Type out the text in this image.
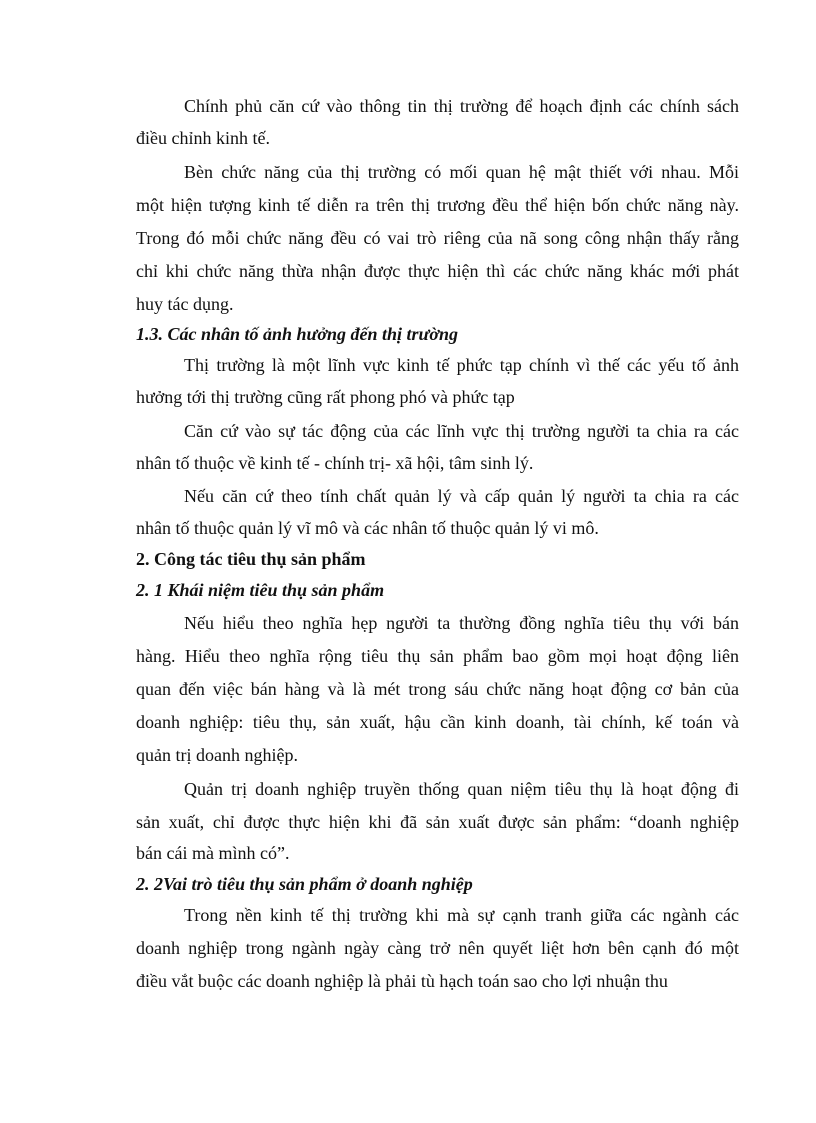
Chính phủ căn cứ vào thông tin thị trường để hoạch định các chính sách
điều chỉnh kinh tế.
Bèn chức năng của thị trường có mối quan hệ mật thiết với nhau. Mỗi
một hiện tượng kinh tế diễn ra trên thị trương đều thể hiện bốn chức năng này.
Trong đó mỗi chức năng đều có vai trò riêng của nã song công nhận thấy rằng
chỉ khi chức năng thừa nhận được thực hiện thì các chức năng khác mới phát
huy tác dụng.
1.3. Các nhân tố ảnh hưởng đến thị trường
Thị trường là một lĩnh vực kinh tế phức tạp chính vì thế các yếu tố ảnh
hưởng tới thị trường cũng rất phong phó và phức tạp
Căn cứ vào sự tác động của các lĩnh vực thị trường người ta chia ra các
nhân tố thuộc về kinh tế - chính trị- xã hội, tâm sinh lý.
Nếu căn cứ theo tính chất quản lý và cấp quản lý người ta chia ra các
nhân tố thuộc quản lý vĩ mô và các nhân tố thuộc quản lý vi mô.
2. Công tác tiêu thụ sản phẩm
2. 1 Khái niệm tiêu thụ sản phẩm
Nếu hiểu theo nghĩa hẹp người ta thường đồng nghĩa tiêu thụ với bán
hàng. Hiểu theo nghĩa rộng tiêu thụ sản phẩm bao gồm mọi hoạt động liên
quan đến việc bán hàng và là mét trong sáu chức năng hoạt động cơ bản của
doanh nghiệp: tiêu thụ, sản xuất, hậu cần kinh doanh, tài chính, kế toán và
quản trị doanh nghiệp.
Quản trị doanh nghiệp truyền thống quan niệm tiêu thụ là hoạt động đi
sản xuất, chỉ được thực hiện khi đã sản xuất được sản phẩm: “doanh nghiệp
bán cái mà mình có”.
2. 2Vai trò tiêu thụ sản phẩm ở doanh nghiệp
Trong nền kinh tế thị trường khi mà sự cạnh tranh giữa các ngành các
doanh nghiệp trong ngành ngày càng trở nên quyết liệt hơn bên cạnh đó một
điều vắt buộc các doanh nghiệp là phải tù hạch toán sao cho lợi nhuận thu
